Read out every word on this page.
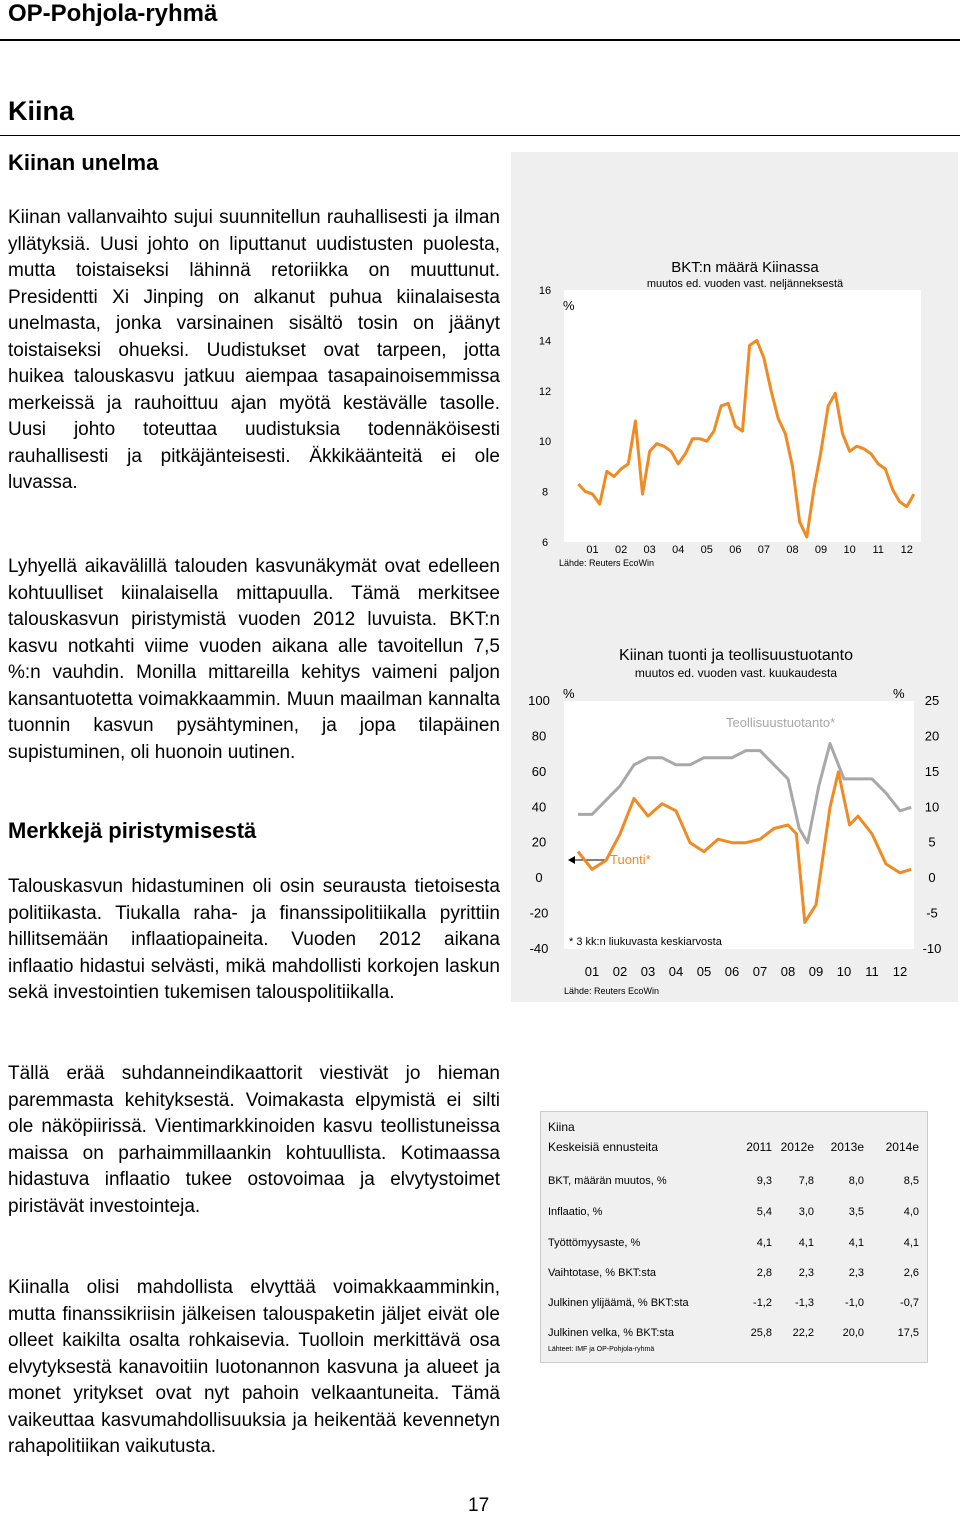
OP-Pohjola-ryhmä
Kiina
Kiinan unelma
Kiinan vallanvaihto sujui suunnitellun rauhallisesti ja ilman yllätyksiä. Uusi johto on liputtanut uudistusten puolesta, mutta toistaiseksi lähinnä retoriikka on muuttunut. Presidentti Xi Jinping on alkanut puhua kiinalaisesta unelmasta, jonka varsinainen sisältö tosin on jäänyt toistaiseksi ohueksi. Uudistukset ovat tarpeen, jotta huikea talouskasvu jatkuu aiempaa tasapainoisemmissa merkeissä ja rauhoittuu ajan myötä kestävälle tasolle. Uusi johto toteuttaa uudistuksia todennäköisesti rauhallisesti ja pitkäjänteisesti. Äkkikäänteitä ei ole luvassa.
Lyhyellä aikavälillä talouden kasvunäkymät ovat edelleen kohtuulliset kiinalaisella mittapuulla. Tämä merkitsee talouskasvun piristymistä vuoden 2012 luvuista. BKT:n kasvu notkahti viime vuoden aikana alle tavoitellun 7,5 %:n vauhdin. Monilla mittareilla kehitys vaimeni paljon kansantuotetta voimakkaammin. Muun maailman kannalta tuonnin kasvun pysähtyminen, ja jopa tilapäinen supistuminen, oli huonoin uutinen.
Merkkejä piristymisestä
Talouskasvun hidastuminen oli osin seurausta tietoisesta politiikasta. Tiukalla raha- ja finanssipolitiikalla pyrittiin hillitsemään inflaatiopaineita. Vuoden 2012 aikana inflaatio hidastui selvästi, mikä mahdollisti korkojen laskun sekä investointien tukemisen talouspolitiikalla.
Tällä erää suhdanneindikaattorit viestivät jo hieman paremmasta kehityksestä. Voimakasta elpymistä ei silti ole näköpiirissä. Vientimarkkinoiden kasvu teollistuneissa maissa on parhaimmillaankin kohtuullista. Kotimaassa hidastuva inflaatio tukee ostovoimaa ja elvytystoimet piristävät investointeja.
Kiinalla olisi mahdollista elvyttää voimakkaamminkin, mutta finanssikriisin jälkeisen talouspaketin jäljet eivät ole olleet kaikilta osalta rohkaisevia. Tuolloin merkittävä osa elvytyksestä kanavoitiin luotonannon kasvuna ja alueet ja monet yritykset ovat nyt pahoin velkaantuneita. Tämä vaikeuttaa kasvumahdollisuuksia ja heikentää kevennetyn rahapolitiikan vaikutusta.
BKT:n määrä Kiinassa
muutos ed. vuoden vast. neljänneksestä
%
Lähde: Reuters EcoWin
16
14
12
10
8
6
01 02 03 04 05 06 07 08 09 10 11 12
Kiinan tuonti ja teollisuustuotanto
muutos ed. vuoden vast. kuukaudesta
%	%
Teollisuustuotanto*
Tuonti*
* 3 kk:n liukuvasta keskiarvosta
Lähde: Reuters EcoWin
100
80
60
40
20
0
-20
-40
25
20
15
10
5
0
-5
-10
01 02 03 04 05 06 07 08 09 10 11 12
Kiina
Keskeisiä ennusteita	2011 2012e 2013e 2014e
BKT, määrän muutos, %	9,3	7,8	8,0	8,5
Inflaatio, %	5,4	3,0	3,5	4,0
Työttömyysaste, %	4,1	4,1	4,1	4,1
Vaihtotase, % BKT:sta	2,8	2,3	2,3	2,6
Julkinen ylijäämä, % BKT:sta	-1,2	-1,3	-1,0	-0,7
Julkinen velka, % BKT:sta	25,8	22,2	20,0	17,5
Lähteet: IMF ja OP-Pohjola-ryhmä
17
